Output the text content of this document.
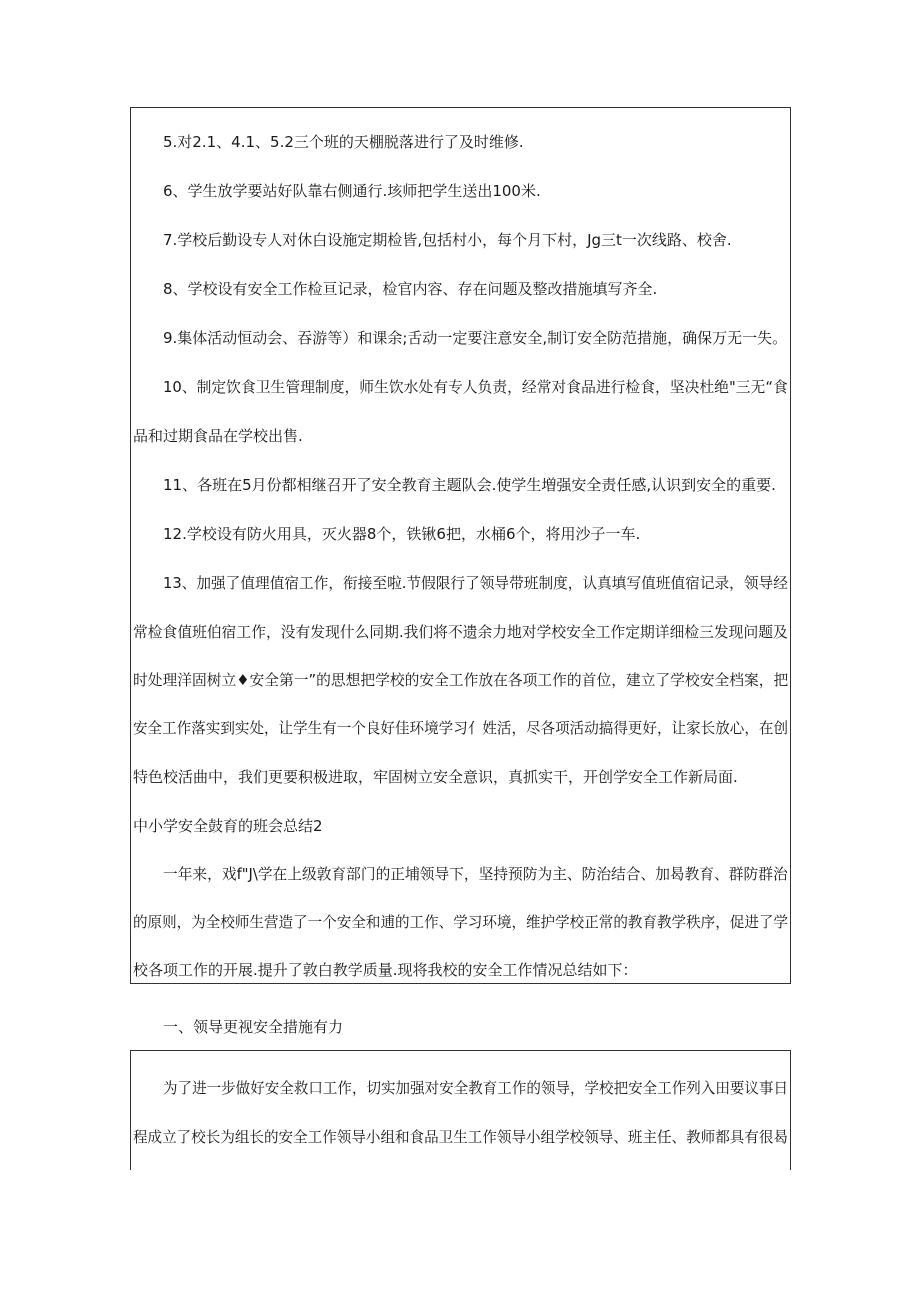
5.对2.1、4.1、5.2三个班的天棚脱落进行了及时维修.
6、学生放学要站好队靠右侧通行.垓师把学生送出100米.
7.学校后勤设专人对休白设施定期检皆,包括村小，每个月下村，Jg三t一次线路、校舍.
8、学校设有安全工作检亘记录，检官内容、存在问题及整改措施填写齐全.
9.集体活动恒动会、吞游等）和课余;舌动一定要注意安全,制订安全防范措施，确保万无一失。
10、制定饮食卫生管理制度，师生饮水处有专人负责，经常对食品进行检食，坚决杜绝"三无“食
品和过期食品在学校出售.
11、各班在5月份都相继召开了安全教育主题队会.使学生増强安全责任感,认识到安全的重要.
12.学校设有防火用具，灭火器8个，铁锹6把，水桶6个，将用沙子一车.
13、加强了值理值宿工作，衔接至啦.节假限行了领导带班制度，认真填写值班值宿记录，领导经
常检食值班伯宿工作，没有发现什么同期.我们将不遗余力地对学校安全工作定期详细检三发现问题及
时处理洋固树立♦安全第一”的思想把学校的安全工作放在各项工作的首位，建立了学校安全档案，把
安全工作落实到实处，让学生有一个良好佳环境学习亻姓活，尽各项活动搞得更好，让家长放心，在创
特色校活曲中，我们更要积极进取，牢固树立安全意识，真抓实干，开创学安全工作新局面.
中小学安全鼓育的班会总结2
一年来，戏f"J\学在上级敦育部门的正埔领导下，坚持预防为主、防治结合、加曷教育、群防群治
的原则，为全校师生营造了一个安全和逋的工作、学习环境，维护学校正常的教育教学秩序，促进了学
校各项工作的开展.提升了敦白教学质量.现将我校的安全工作情况总结如下：
一、领导更视安全措施有力
为了进一步做好安全救口工作，切实加强对安全教育工作的领导，学校把安全工作列入田要议事日
程成立了校长为组长的安全工作领导小组和食品卫生工作领导小组学校领导、班主任、教师都具有很曷
